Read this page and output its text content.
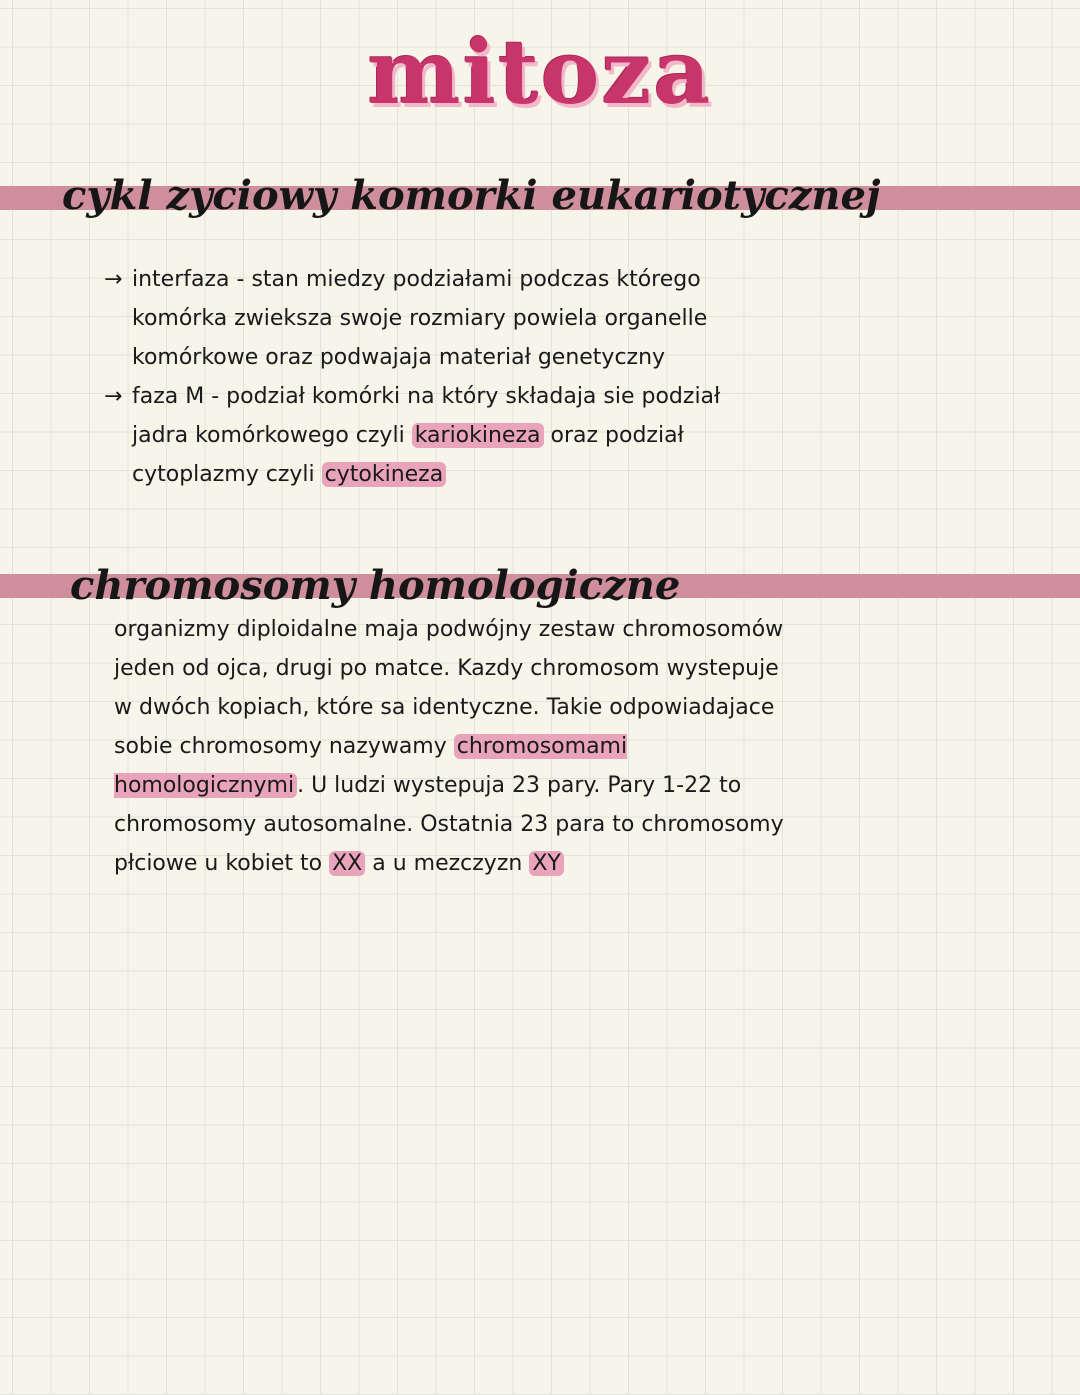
mitoza
cykl zyciowy komorki eukariotycznej
→ interfaza - stan miedzy podziałami podczas którego komórka zwieksza swoje rozmiary powiela organelle komórkowe oraz podwajaja materiał genetyczny
→ faza M - podział komórki na który składaja sie podział jadra komórkowego czyli kariokineza oraz podział cytoplazmy czyli cytokineza
chromosomy homologiczne
organizmy diploidalne maja podwójny zestaw chromosomów jeden od ojca, drugi po matce. Kazdy chromosom wystepuje w dwóch kopiach, które sa identyczne. Takie odpowiadajace sobie chromosomy nazywamy chromosomami homologicznymi . U ludzi wystepuja 23 pary. Pary 1-22 to chromosomy autosomalne. Ostatnia 23 para to chromosomy płciowe u kobiet to XX a u mezczyzn XY
